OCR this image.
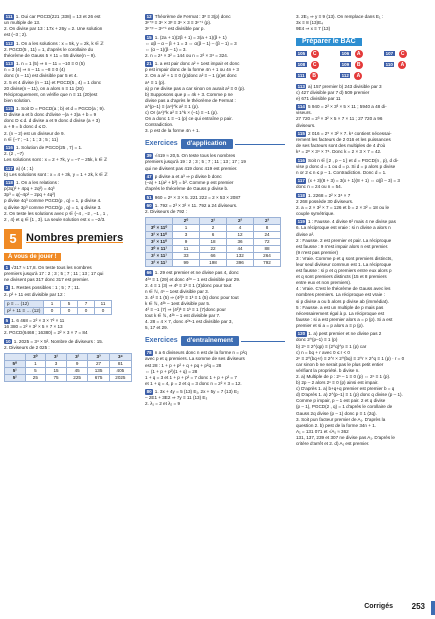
111 1. Oui car PGCD(221 ;338) = 13 et 26 est
un multiple de 13.
2. On divise par 13 : 17x + 26y = 2. Une solution
est (–3 ; 2).
112 1. On a les solutions : x = 5k, y = 2k, k ∈ ℤ
2. PGCD(5 , 11) = 1, d'après le corollaire du
théorème de Gauss 5 × 11 = 55 divise(n – 9).
113 1. n = 1 (5) ⇒ n – 11 = –10 ≡ 0 (5)
n = 3 (4) ⇒ n – 11 = –8 ≡ 0 (4)
donc (n – 11) est divisible par 5 et 4.
2. 5 et 4 divise (n – 11) et PGCD(5 , 4) = 1 donc
20 divise(n – 11), on a alors n ≡ 11 (20)
Réciproquement, on vérifie que n ≡ 11 (20)est
bien solution.
115 1. Soit D = PGCD(a ; b) et d = PGCD(a ; 9).
D divise a et b donc d'divise –(a + 3)a + b = 9
donc D ≤ d. d divise a et 9 donc d divise (a + 3)
a + 9 = b donc d ≤ D.
2. (n – 2) est un diviseur de 9.
n ∈ {–7 ; –1 ; 1 ; 3 ; 5 ; 11}
116 1. Solution de PGCD(25 , 7) = 1.
2. (2 , –7)
Les solutions sont : x = 2 + 7k, y = –7 – 25k, k ∈ ℤ
117 a) (4 ; 1)
b) Les solutions sont : x = 4 + 3k, y = 1 + 2k, k ∈ ℤ
118 1. On a les relations :
p(3q)² + 4pq + 2q²) = 4q³
3p³ = q(–4p² – 2pq + 4q²)
p divise 4q³ comme PGCD(p , q) = 1, p divise 4.
q divise 3p³ comme PGCD(p , q) = 1, q divise 3.
2. On teste les solutions avec p ∈ {–4 , –2 , –1 , 1 ,
2 , 4} et q ∈ {1 , 3}. La seule solution est x = –2/3.
5 Nombres premiers
À vous de jouer !
1 √317 ≈ 17,8. On teste tous les nombres
premiers jusqu'à 17 : 2 ; 3 ; 5 ; 7 ; 11 ; 13 ; 17 qui
ne divisent pas 317 donc 317 est premier.
3 1. Restes possibles : 1 ; 5 ; 7 ; 11.
2. p² + 11 est divisible par 12 :
p ≡ … (12)	1	5	7	11
p² + 11 ≡ … (12)	0	0	0	0
5 1. 6 468 = 2² × 3 × 7² × 11
16 380 = 2² × 3² × 5 × 7 × 13
2. PGCD(6468 ; 16380) = 2² × 3 × 7 = 84
10 1. 2025 = 3⁴ × 5². Nombre de diviseurs : 15.
2. Diviseurs de 2 025 :
	3⁰	3¹	3²	3³	3⁴
5⁰	1	3	9	27	81
5¹	5	15	45	135	405
5²	25	75	225	675	2025
12 Théorème de Fermat : 3ᵖ ≡ 3(p) donc
3ⁿ⁺ᵖ ≡ 3ⁿ × 3ᵖ ≡ 3ⁿ × 3 ≡ 3ⁿ⁺¹ (p).
3ⁿ⁺ᵖ – 3ⁿ⁺¹ est divisible par p.
15 1. (2a + 1)(2β + 1) = 3(a + 1)(β + 1)
⇔ αβ – α – β + 1 = 3 ⇔ α(β – 1) – (β – 1) = 3
⇔ (α – 1)(β – 1) = 3.
2. n = 2⁴ × 3² = 144 ou n = 2² × 3⁴ = 324.
21 1. a est pair donc a² + 1est impair et donc
p est impair donc de la forme 4n + 1 ou 4n + 3
2. On a a² + 1 ≡ 0 (p)donc a² ≡ – 1 (p)et donc
a⁴ ≡ 1 (p).
a) p ne divise pas a car sinon on aurait a² ≡ 0 (p).
b) Supposons que p = 4k + 3. Comme p ne
divise pas a d'après le théorème de Fermat :
a^(p–1) ≡ (a⁴)^k a² ≡ 1 (p).
c) Or (a⁴)^k a² ≡ 1^k × (–1) ≡ –1 (p).
On a donc 1 ≡ –1 (p) ce qui entraîne p pair.
Contradiction.
3. p est de la forme 4n + 1.
Exercices	d'application
39 √419 ≈ 20,5. On teste tous les nombres
premiers jusqu'à 19 : 2 ; 3 ; 5 ; 7 ; 11 ; 13 ; 17 ; 19
qui ne divisent pas 419 donc 419 est premier.
47 p divise a et a³ ⇒ p divise b donc
(–a) + 1(a² + b²) = b². Comme p est premier
d'après le théorème de Gauss p divise b.
51 960 = 2⁶ × 3 × 5. 221 222 = 2 × 53 × 2087
60 1. 792 = 2³ × 3² × 11. 792 a 24 diviseurs.
2. Diviseurs de 792 :
	2⁰	2¹	2²	2³
3⁰ × 11⁰	1	2	4	8
3¹ × 11⁰	3	6	12	24
3² × 11⁰	9	18	36	72
3⁰ × 11¹	11	22	44	88
3¹ × 11¹	33	66	132	264
3² × 11¹	99	198	396	792
66 1. 29 est premier et ne divise pas 4, donc
4²⁸ ≡ 1 (29) et donc 4²⁸ – 1 est divisible par 29.
2. 4 ≡ 1 (3) ⇒ 4ᵏ ≡ 1ᵏ ≡ 1 (3)donc pour tout
n ∈ ℕ, 4ⁿ – 1est divisible par 3.
3. 4² ≡ 1 (5) ⇒ (4²)ᵏ ≡ 1ᵏ ≡ 1 (5) donc pour tout
k ∈ ℕ, 4²ᵏ – 1est divisible par 5.
4² ≡ –1 (7) ⇒ (4²)ᵏ ≡ 1ᵏ ≡ 1 (7)donc pour
tout k ∈ ℕ, 4²ᵏ – 1 est divisible par 7.
4. 28 = 4 × 7, donc 4²⁸-1 est divisible par 3,
5, 17 et 29.
Exercices	d'entraînement
78 n a 6 diviseurs donc n est de la forme n = p²q
avec p et q premiers. La somme de ses diviseurs
est 28 : 1 + p + p² + q + pq + p²q = 28
⇔ (1 + p + p²)(1 + q) = 28
1 + q = 3 et 1 + p + p² = 7 donc 1 + p + p² = 7
et 1 + q = 4, p = 2 et q = 3 donc n = 2² × 3 = 12.
80 1. 3x + 4y = 5 (13) E₁, 2x + 5y = 7 (13) E₂
– 2E1 + 3E2 ⇒ 7y ≡ 11 (13) E₃
2. λ₁ = 2 et λ₂ = 9
3. 2E₃ ⇒ y ≡ 9 (13). On remplace dans E₁ :
3x ≡ 8 (13)E₄
9E4 ⇒ x ≡ 7 (13)
Préparer le BAC
105	C	106	A	107	C
108	C	109	B	110	A
111	B	112	A
113 a) 157 premier b) 243 divisible par 3
c) 427 divisible par 7 d) 509 premier
e) 671 divisible par 11
114 5 940 = 2² × 3³ × 5 × 11 ; 5940 a 48 di-
viseurs.
27 720 = 2³ × 3² × 5 × 7 × 11 ; 27 720 a 96
diviseurs.
115 2 016 = 2⁵ × 3² × 7. k⁴ contient nécessai-
rement les facteurs de 2 016 et les puissances
de ses facteurs sont des multiples de 4 d'où
k⁴ = 2⁸ × 3⁴ × 7⁴. Donc k = 2 × 3 × 7 = 42.
116 Soit n ∈ ⟦2 , p – 1⟧ et d = PGCD(n , p), d di-
vise p donc d = 1 ou d = p. Si d = p alors p divise
n or 2 ≤ n ≤ p – 1. Contradiction. Donc d = 1.
117 (x + 3)(8 + 3) = 3(x + 1)(8 + 1) ⇔ α(β – 3) = 3
donc n = 24 ou n = 54.
118 1. 2268 = 2² × 3⁴ × 7
2 268 possède 30 diviseurs.
2. a = 2 × 3² × 7 = 126 et b = 2 × 3² = 18 ou le
couple symétrique.
119 1 : Fausse. 4 divise 6² mais 4 ne divise pas
6. La réciproque est vraie : si n divise a alors n
divise a².
2 : Fausse. 2 est premier et pair. La réciproque
est fausse : 9 n'est impair alors n est premier.
(9 n'est pas premier)
3 : Vraie. Comme p et q sont premiers distincts,
leur seul diviseur commun est 1. La réciproque
est fausse : si p et q premiers entre eux alors p
et q sont premiers distincts (15 et 8 premiers
entre eux et non premiers).
4 : Vraie. C'est le théorème de Gauss avec les
nombres premiers. La réciproque est vraie :
si p divise a ou b alors p divise ab (immédiat).
5 : Fausse. a est un multiple de p mais pas
nécessairement égal à p. La réciproque est
fausse : si a est premier alors a = p (p). Si a est
premier et si a = p alors a ≡ p (p).
120 1. a) pest premier et ne divise pas 2
donc 2^(p–1) ≡ 1 (p)
b) 2ⁿ ≡ 2^(qp) ≡ (2^q)^p ≡ 1 (p) car
c) n = bq + r avec 0 ≤ r < 0
2ⁿ ≡ 2^(bq+r) ≡ 2^r × 2^(bq) ≡ 2^r × 2^q ≡ 1 (p) · r = 0
car sinon b ne serait pas le plus petit entier
vérifiant la propriété. b divise n.
2. a) Multiple de p : 2ⁿ – 1 ≡ 0 (p) ⇔ 2ⁿ ≡ 1 (p).
b) 2p – 2 alors 2ⁿ ≡ 0 (p) ainsi est impair.
c) D'après 1. a) b+q+q premier est premier b = q
d) D'après 1. a) 2^(p–1) ≡ 1 (p) donc q divise (p – 1).
Comme p impair, p – 1 est pair. 2 et q divise
(p – 1), PGCD(2 , q) = 1 d'après le corollaire de
Gauss 2q divise (p – 1) donc p ≡ 1 (2q).
3. Soit pun facteur premier de A₁. D'après la
question 2. b) pest de la forme 34n + 1.
A₁ = 131 071 et √A₁ ≈ 362
131, 137, 239 et 307 ne divise pas A₁. D'après le
critère d'arrêt et 2. d) A₁ est premier.
Corrigés 253
